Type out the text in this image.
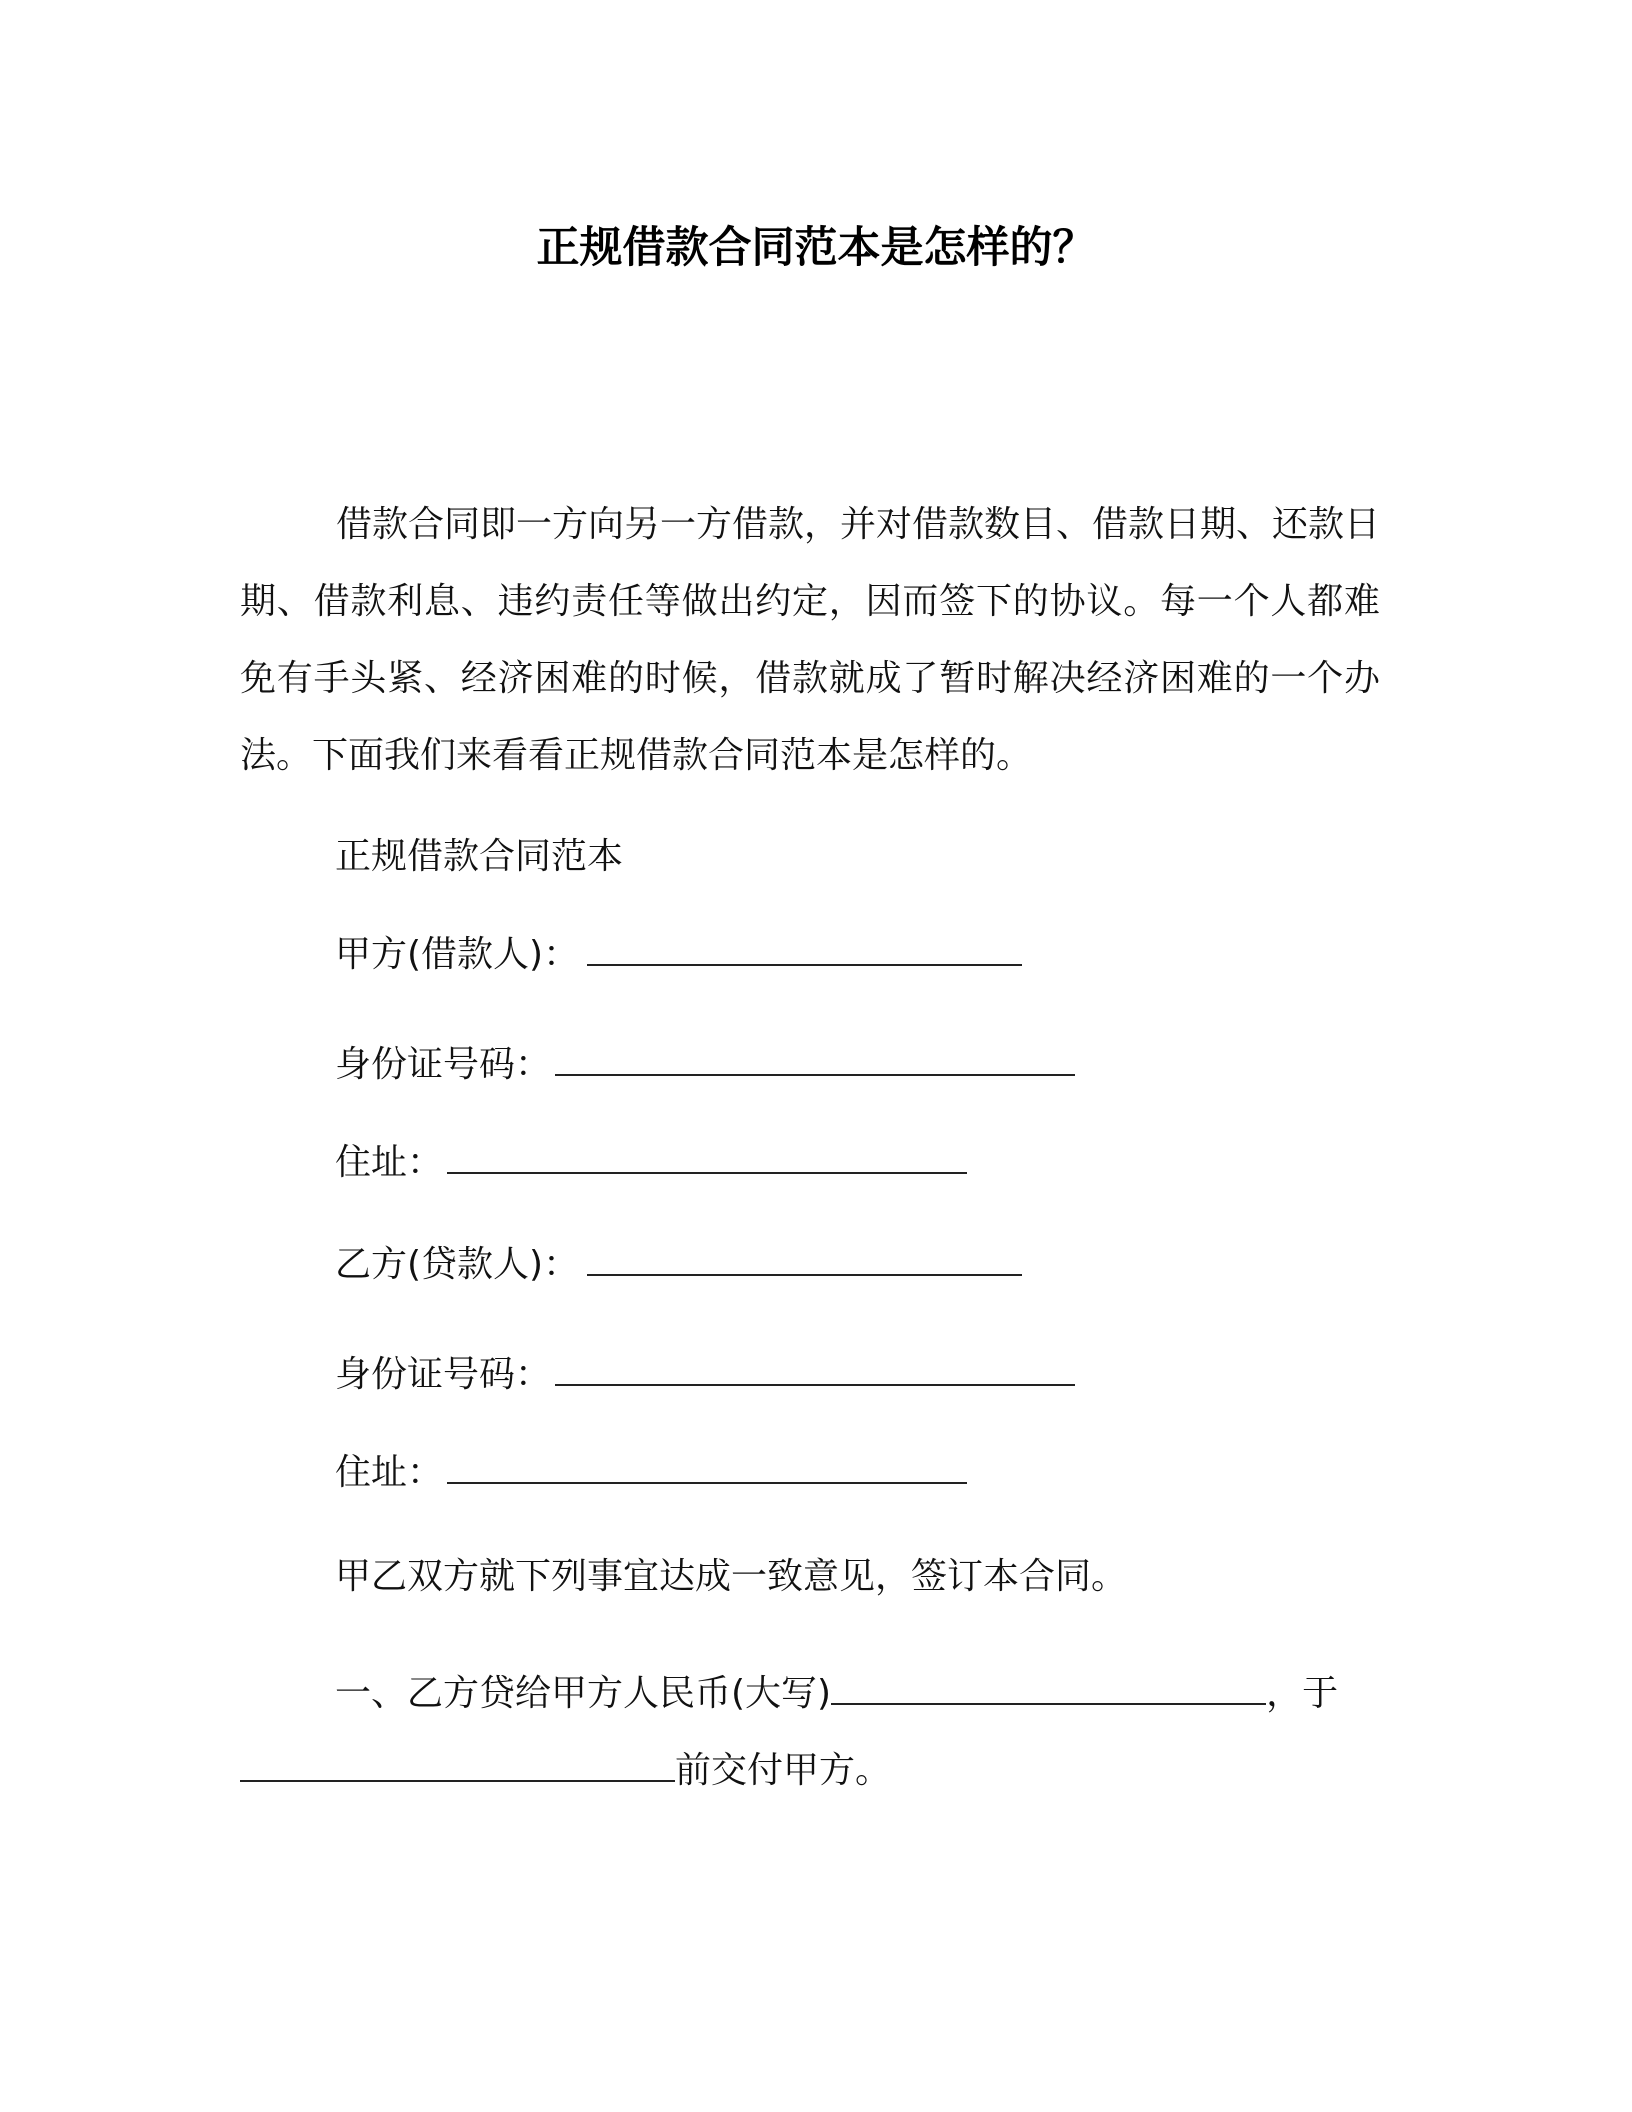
正规借款合同范本是怎样的？

借款合同即一方向另一方借款，并对借款数目、借款日期、还款日期、借款利息、违约责任等做出约定，因而签下的协议。每一个人都难免有手头紧、经济困难的时候，借款就成了暂时解决经济困难的一个办法。下面我们来看看正规借款合同范本是怎样的。

正规借款合同范本
甲方(借款人)：
身份证号码：
住址：
乙方(贷款人)：
身份证号码：
住址：
甲乙双方就下列事宜达成一致意见，签订本合同。

一、乙方贷给甲方人民币(大写)	，于
前交付甲方。
